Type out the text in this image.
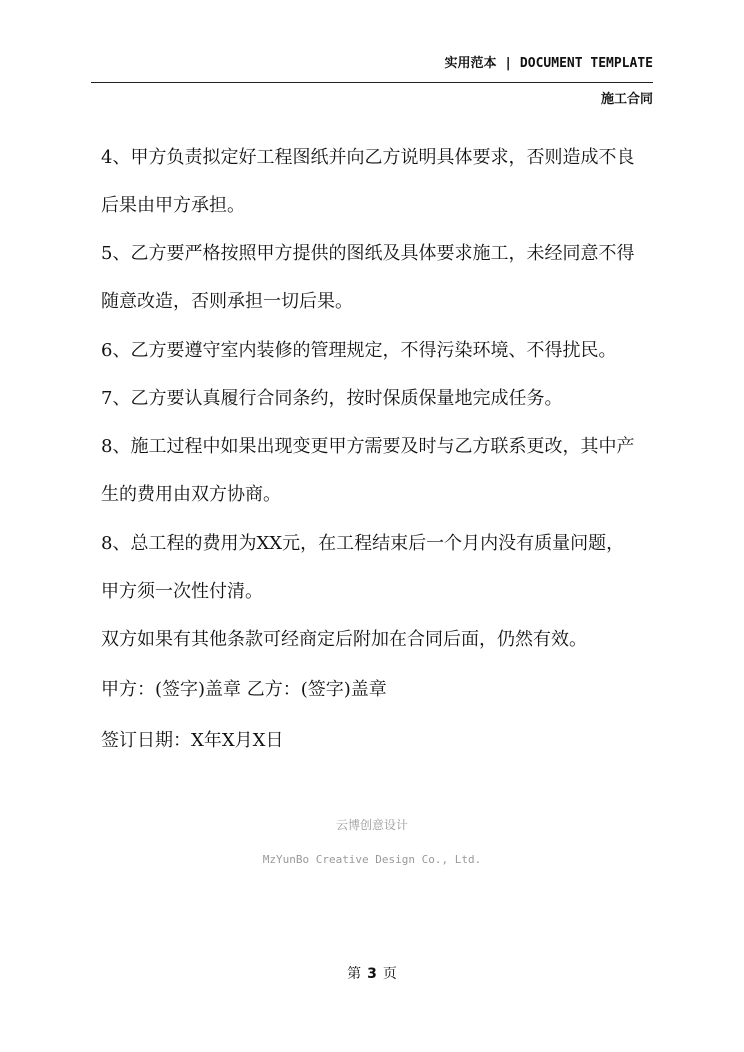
实用范本 | DOCUMENT TEMPLATE
施工合同
4、甲方负责拟定好工程图纸并向乙方说明具体要求，否则造成不良
后果由甲方承担。
5、乙方要严格按照甲方提供的图纸及具体要求施工，未经同意不得
随意改造，否则承担一切后果。
6、乙方要遵守室内装修的管理规定，不得污染环境、不得扰民。
7、乙方要认真履行合同条约，按时保质保量地完成任务。
8、施工过程中如果出现变更甲方需要及时与乙方联系更改，其中产
生的费用由双方协商。
8、总工程的费用为XX元，在工程结束后一个月内没有质量问题，
甲方须一次性付清。
双方如果有其他条款可经商定后附加在合同后面，仍然有效。
甲方：(签字)盖章 乙方：(签字)盖章
签订日期：X年X月X日
云博创意设计
MzYunBo Creative Design Co., Ltd.
第 3 页
